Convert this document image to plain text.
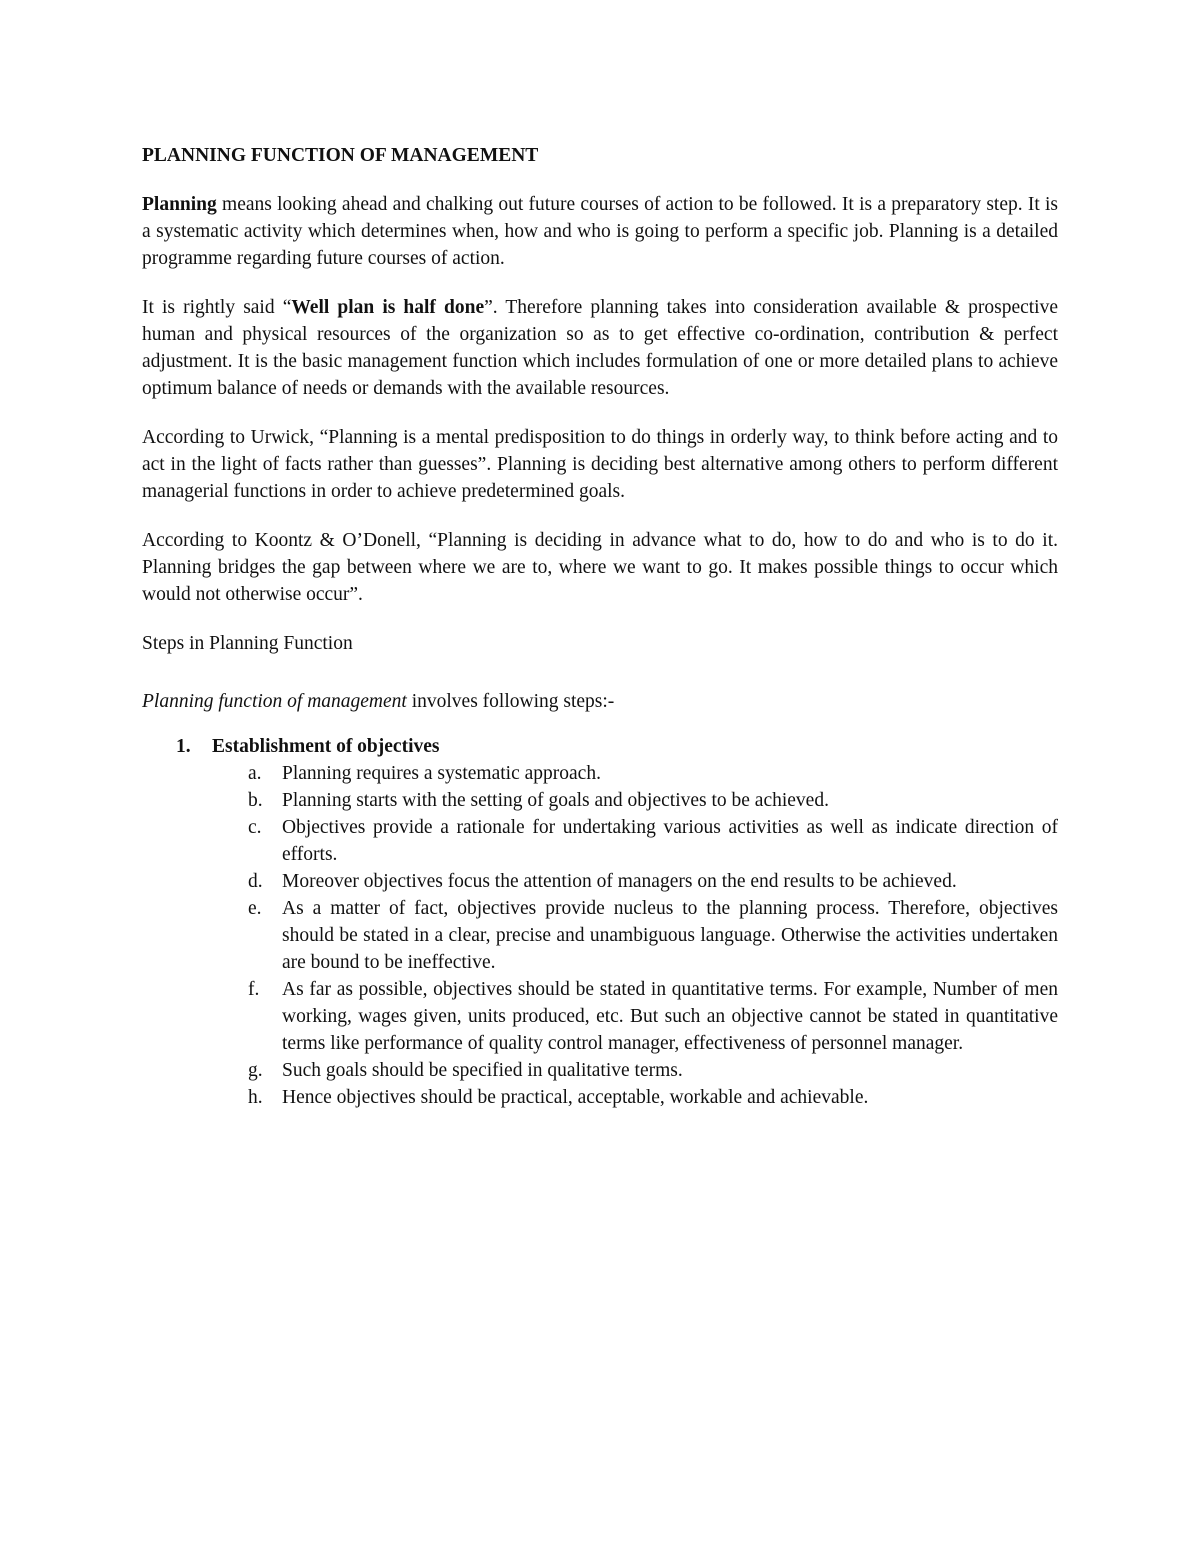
PLANNING FUNCTION OF MANAGEMENT

Planning means looking ahead and chalking out future courses of action to be followed. It is a preparatory step. It is a systematic activity which determines when, how and who is going to perform a specific job. Planning is a detailed programme regarding future courses of action.

It is rightly said “Well plan is half done”. Therefore planning takes into consideration available & prospective human and physical resources of the organization so as to get effective co-ordination, contribution & perfect adjustment. It is the basic management function which includes formulation of one or more detailed plans to achieve optimum balance of needs or demands with the available resources.

According to Urwick, “Planning is a mental predisposition to do things in orderly way, to think before acting and to act in the light of facts rather than guesses”. Planning is deciding best alternative among others to perform different managerial functions in order to achieve predetermined goals.

According to Koontz & O’Donell, “Planning is deciding in advance what to do, how to do and who is to do it. Planning bridges the gap between where we are to, where we want to go. It makes possible things to occur which would not otherwise occur”.

Steps in Planning Function

Planning function of management involves following steps:-

1. Establishment of objectives
a. Planning requires a systematic approach.
b. Planning starts with the setting of goals and objectives to be achieved.
c. Objectives provide a rationale for undertaking various activities as well as indicate direction of efforts.
d. Moreover objectives focus the attention of managers on the end results to be achieved.
e. As a matter of fact, objectives provide nucleus to the planning process. Therefore, objectives should be stated in a clear, precise and unambiguous language. Otherwise the activities undertaken are bound to be ineffective.
f. As far as possible, objectives should be stated in quantitative terms. For example, Number of men working, wages given, units produced, etc. But such an objective cannot be stated in quantitative terms like performance of quality control manager, effectiveness of personnel manager.
g. Such goals should be specified in qualitative terms.
h. Hence objectives should be practical, acceptable, workable and achievable.
